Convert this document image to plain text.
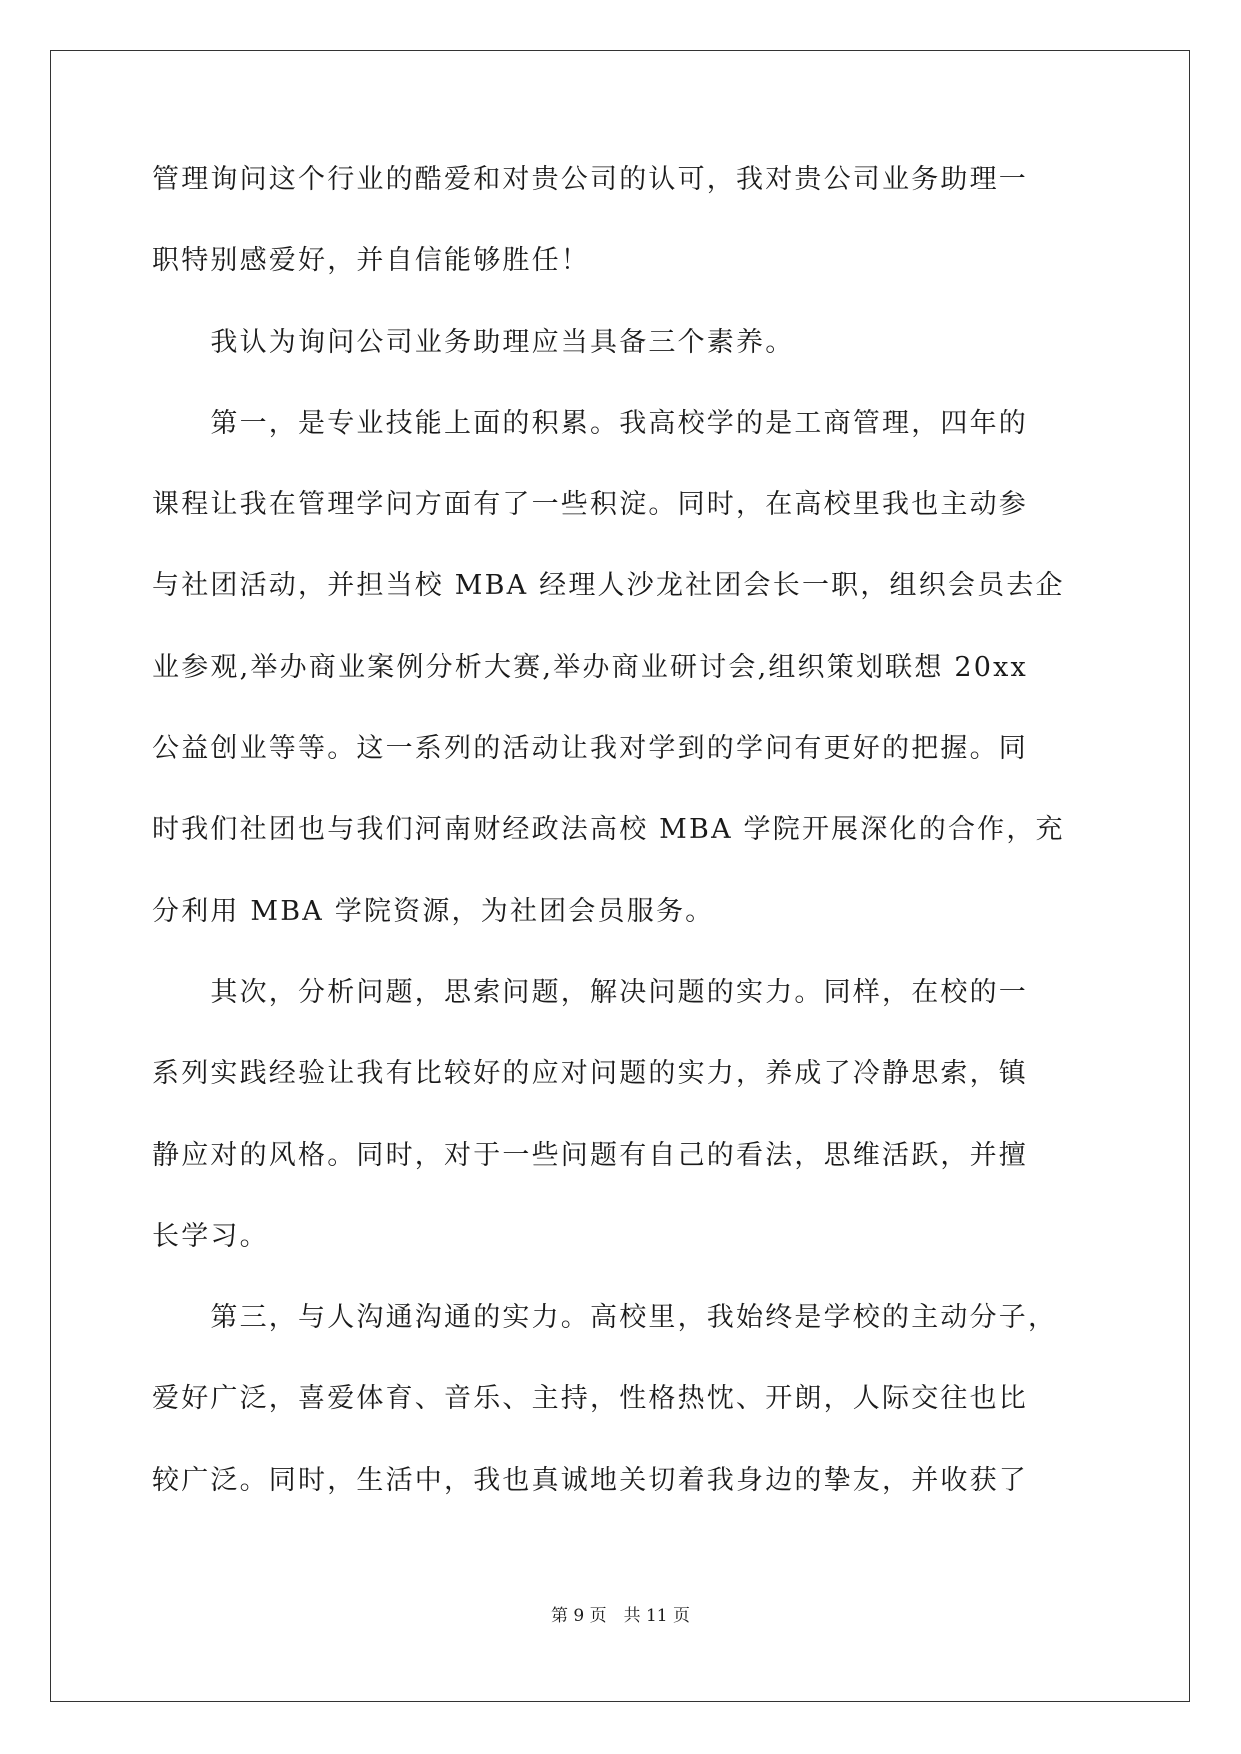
管理询问这个行业的酷爱和对贵公司的认可，我对贵公司业务助理一
职特别感爱好，并自信能够胜任！
　　我认为询问公司业务助理应当具备三个素养。
　　第一，是专业技能上面的积累。我高校学的是工商管理，四年的
课程让我在管理学问方面有了一些积淀。同时，在高校里我也主动参
与社团活动，并担当校 MBA 经理人沙龙社团会长一职，组织会员去企
业参观,举办商业案例分析大赛,举办商业研讨会,组织策划联想 20xx
公益创业等等。这一系列的活动让我对学到的学问有更好的把握。同
时我们社团也与我们河南财经政法高校 MBA 学院开展深化的合作，充
分利用 MBA 学院资源，为社团会员服务。
　　其次，分析问题，思索问题，解决问题的实力。同样，在校的一
系列实践经验让我有比较好的应对问题的实力，养成了冷静思索，镇
静应对的风格。同时，对于一些问题有自己的看法，思维活跃，并擅
长学习。
　　第三，与人沟通沟通的实力。高校里，我始终是学校的主动分子，
爱好广泛，喜爱体育、音乐、主持，性格热忱、开朗，人际交往也比
较广泛。同时，生活中，我也真诚地关切着我身边的挚友，并收获了
第 9 页　共 11 页
